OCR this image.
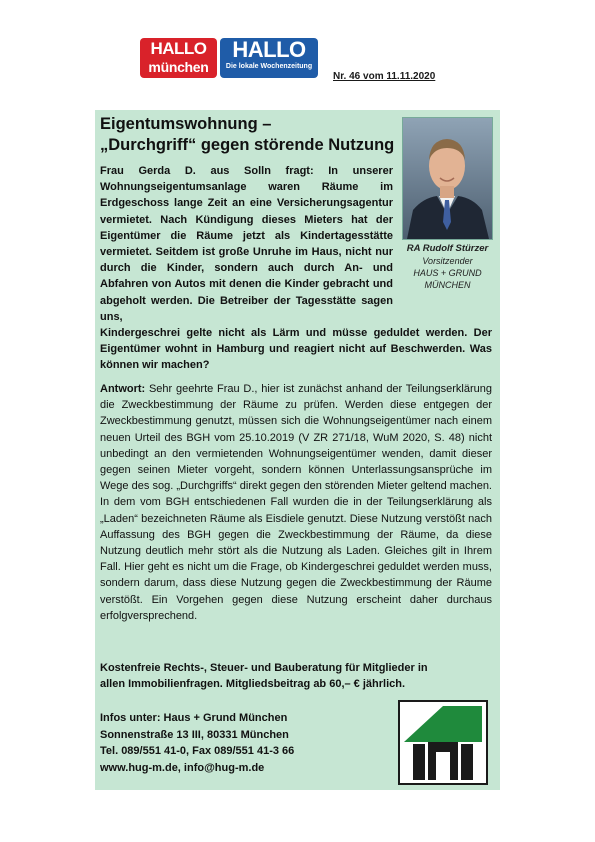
HALLO
münchen
HALLO
Die lokale Wochenzeitung
Nr. 46 vom 11.11.2020
Eigentumswohnung –
„Durchgriff“ gegen störende Nutzung
RA Rudolf Stürzer
Vorsitzender
HAUS + GRUND
MÜNCHEN
Frau Gerda D. aus Solln fragt: In unserer Wohnungseigentumsanlage waren Räume im Erdgeschoss lange Zeit an eine Versicherungsagentur vermietet. Nach Kündigung dieses Mieters hat der Eigentümer die Räume jetzt als Kindertagesstätte vermietet. Seitdem ist große Unruhe im Haus, nicht nur durch die Kinder, sondern auch durch An- und Abfahren von Autos mit denen die Kinder gebracht und abgeholt werden. Die Betreiber der Tagesstätte sagen uns,
Kindergeschrei gelte nicht als Lärm und müsse geduldet werden. Der Eigentümer wohnt in Hamburg und reagiert nicht auf Beschwerden. Was können wir machen?
Antwort: Sehr geehrte Frau D., hier ist zunächst anhand der Teilungserklärung die Zweckbestimmung der Räume zu prüfen. Werden diese entgegen der Zweckbestimmung genutzt, müssen sich die Wohnungseigentümer nach einem neuen Urteil des BGH vom 25.10.2019 (V ZR 271/18, WuM 2020, S. 48) nicht unbedingt an den vermietenden Wohnungseigentümer wenden, damit dieser gegen seinen Mieter vorgeht, sondern können Unterlassungsansprüche im Wege des sog. „Durchgriffs“ direkt gegen den störenden Mieter geltend machen. In dem vom BGH entschiedenen Fall wurden die in der Teilungserklärung als „Laden“ bezeichneten Räume als Eisdiele genutzt. Diese Nutzung verstößt nach Auffassung des BGH gegen die Zweckbestimmung der Räume, da diese Nutzung deutlich mehr stört als die Nutzung als Laden. Gleiches gilt in Ihrem Fall. Hier geht es nicht um die Frage, ob Kindergeschrei geduldet werden muss, sondern darum, dass diese Nutzung gegen die Zweckbestimmung der Räume verstößt. Ein Vorgehen gegen diese Nutzung erscheint daher durchaus erfolgversprechend.
Kostenfreie Rechts-, Steuer- und Bauberatung für Mitglieder in
allen Immobilienfragen. Mitgliedsbeitrag ab 60,– € jährlich.
Infos unter: Haus + Grund München
Sonnenstraße 13 III, 80331 München
Tel. 089/551 41-0, Fax 089/551 41-3 66
www.hug-m.de, info@hug-m.de
